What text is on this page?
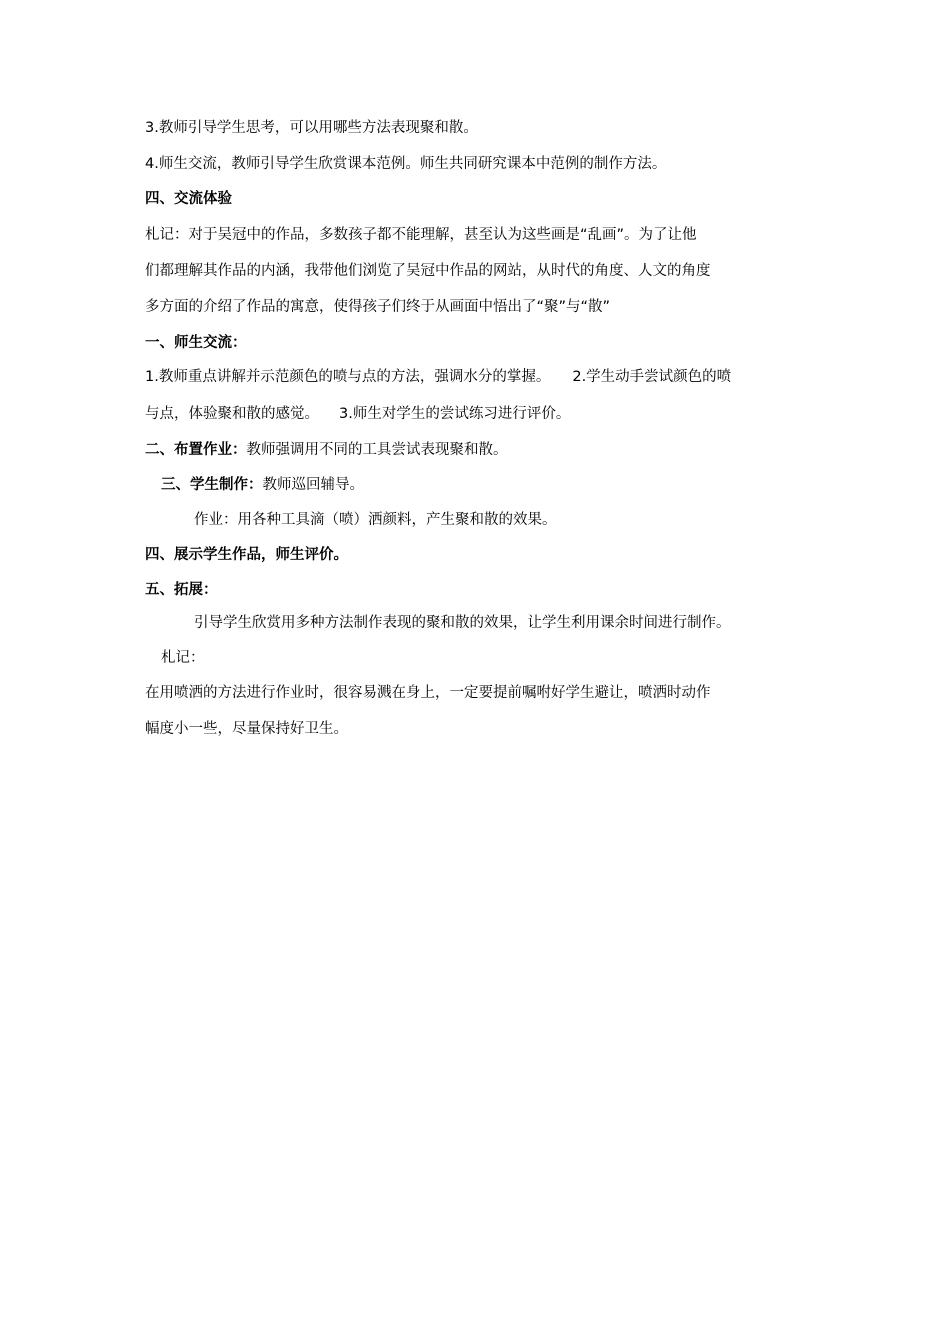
3.教师引导学生思考，可以用哪些方法表现聚和散。
4.师生交流，教师引导学生欣赏课本范例。师生共同研究课本中范例的制作方法。
四、交流体验
札记：对于吴冠中的作品，多数孩子都不能理解，甚至认为这些画是“乱画”。为了让他
们都理解其作品的内涵，我带他们浏览了吴冠中作品的网站，从时代的角度、人文的角度
多方面的介绍了作品的寓意，使得孩子们终于从画面中悟出了“聚”与“散”
一、师生交流：
1.教师重点讲解并示范颜色的喷与点的方法，强调水分的掌握。 2.学生动手尝试颜色的喷
与点，体验聚和散的感觉。 3.师生对学生的尝试练习进行评价。
二、布置作业：教师强调用不同的工具尝试表现聚和散。
三、学生制作：教师巡回辅导。
作业：用各种工具滴（喷）洒颜料，产生聚和散的效果。
四、展示学生作品，师生评价。
五、拓展：
引导学生欣赏用多种方法制作表现的聚和散的效果，让学生利用课余时间进行制作。
札记：
在用喷洒的方法进行作业时，很容易溅在身上，一定要提前嘱咐好学生避让，喷洒时动作
幅度小一些，尽量保持好卫生。
